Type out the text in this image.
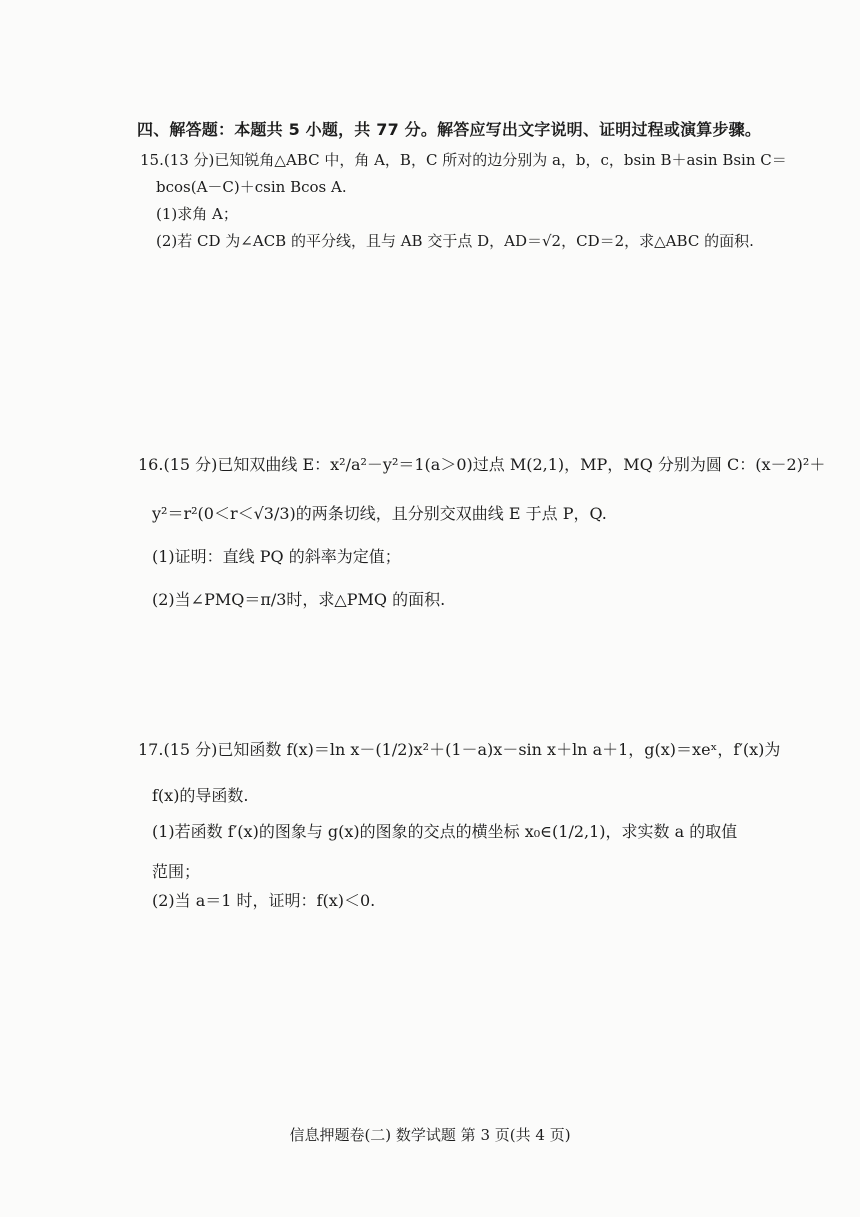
四、解答题：本题共 5 小题，共 77 分。解答应写出文字说明、证明过程或演算步骤。
15.(13 分)已知锐角△ABC 中，角 A，B，C 所对的边分别为 a，b，c，bsin B＋asin Bsin C＝
bcos(A－C)＋csin Bcos A.
(1)求角 A；
(2)若 CD 为∠ACB 的平分线，且与 AB 交于点 D，AD＝√2，CD＝2，求△ABC 的面积.
16.(15 分)已知双曲线 E：x²/a²－y²＝1(a＞0)过点 M(2,1)，MP，MQ 分别为圆 C：(x－2)²＋
y²＝r²(0＜r＜√3/3)的两条切线，且分别交双曲线 E 于点 P，Q.
(1)证明：直线 PQ 的斜率为定值；
(2)当∠PMQ＝π/3时，求△PMQ 的面积.
17.(15 分)已知函数 f(x)＝ln x－(1/2)x²＋(1－a)x－sin x＋ln a＋1，g(x)＝xeˣ，f′(x)为
f(x)的导函数.
(1)若函数 f′(x)的图象与 g(x)的图象的交点的横坐标 x₀∈(1/2,1)，求实数 a 的取值
范围；
(2)当 a＝1 时，证明：f(x)＜0.
信息押题卷(二) 数学试题 第 3 页(共 4 页)
